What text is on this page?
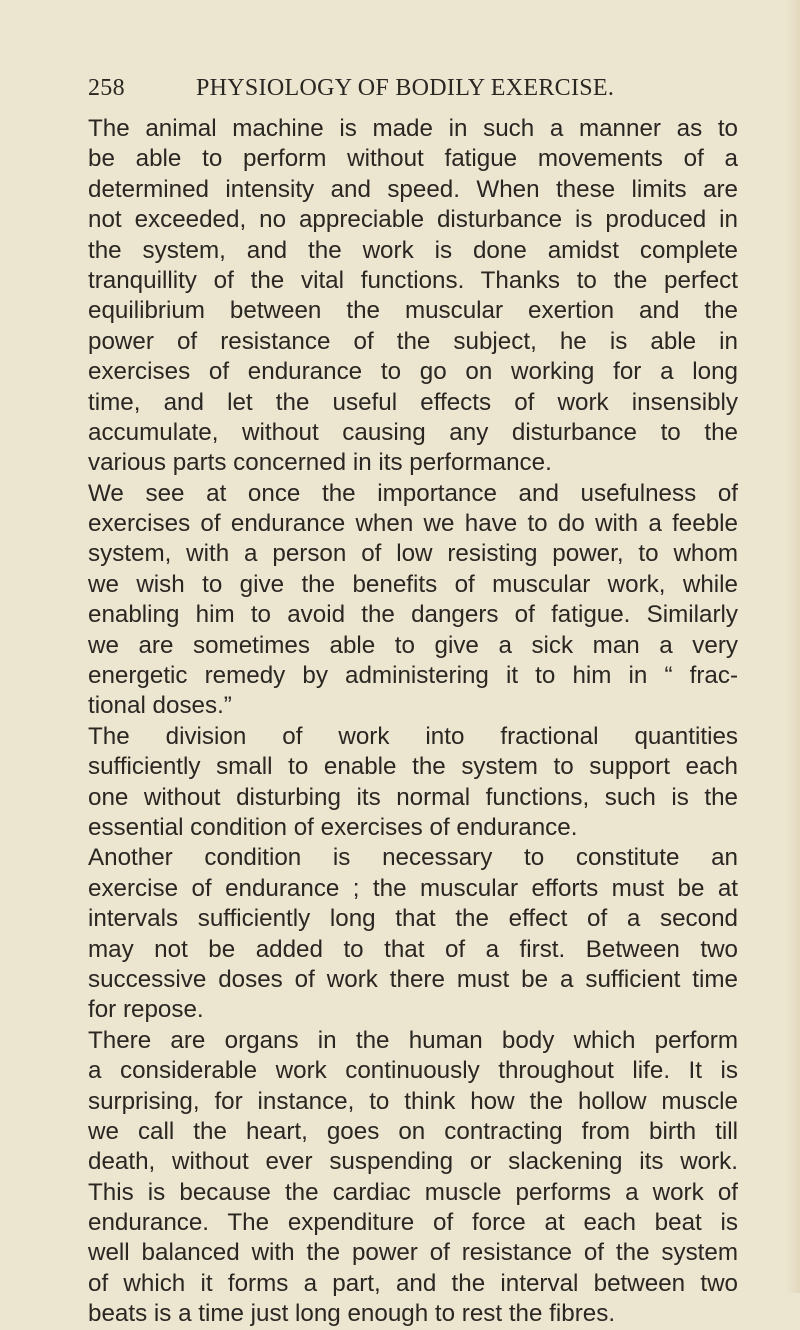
258	PHYSIOLOGY OF BODILY EXERCISE.
The animal machine is made in such a manner as to
be able to perform without fatigue movements of a
determined intensity and speed. When these limits are
not exceeded, no appreciable disturbance is produced in
the system, and the work is done amidst complete
tranquillity of the vital functions. Thanks to the perfect
equilibrium between the muscular exertion and the
power of resistance of the subject, he is able in
exercises of endurance to go on working for a long
time, and let the useful effects of work insensibly
accumulate, without causing any disturbance to the
various parts concerned in its performance.
We see at once the importance and usefulness of
exercises of endurance when we have to do with a feeble
system, with a person of low resisting power, to whom
we wish to give the benefits of muscular work, while
enabling him to avoid the dangers of fatigue. Similarly
we are sometimes able to give a sick man a very
energetic remedy by administering it to him in “ frac-
tional doses.”
The division of work into fractional quantities
sufficiently small to enable the system to support each
one without disturbing its normal functions, such is the
essential condition of exercises of endurance.
Another condition is necessary to constitute an
exercise of endurance ; the muscular efforts must be at
intervals sufficiently long that the effect of a second
may not be added to that of a first. Between two
successive doses of work there must be a sufficient time
for repose.
There are organs in the human body which perform
a considerable work continuously throughout life. It is
surprising, for instance, to think how the hollow muscle
we call the heart, goes on contracting from birth till
death, without ever suspending or slackening its work.
This is because the cardiac muscle performs a work of
endurance. The expenditure of force at each beat is
well balanced with the power of resistance of the system
of which it forms a part, and the interval between two
beats is a time just long enough to rest the fibres.
